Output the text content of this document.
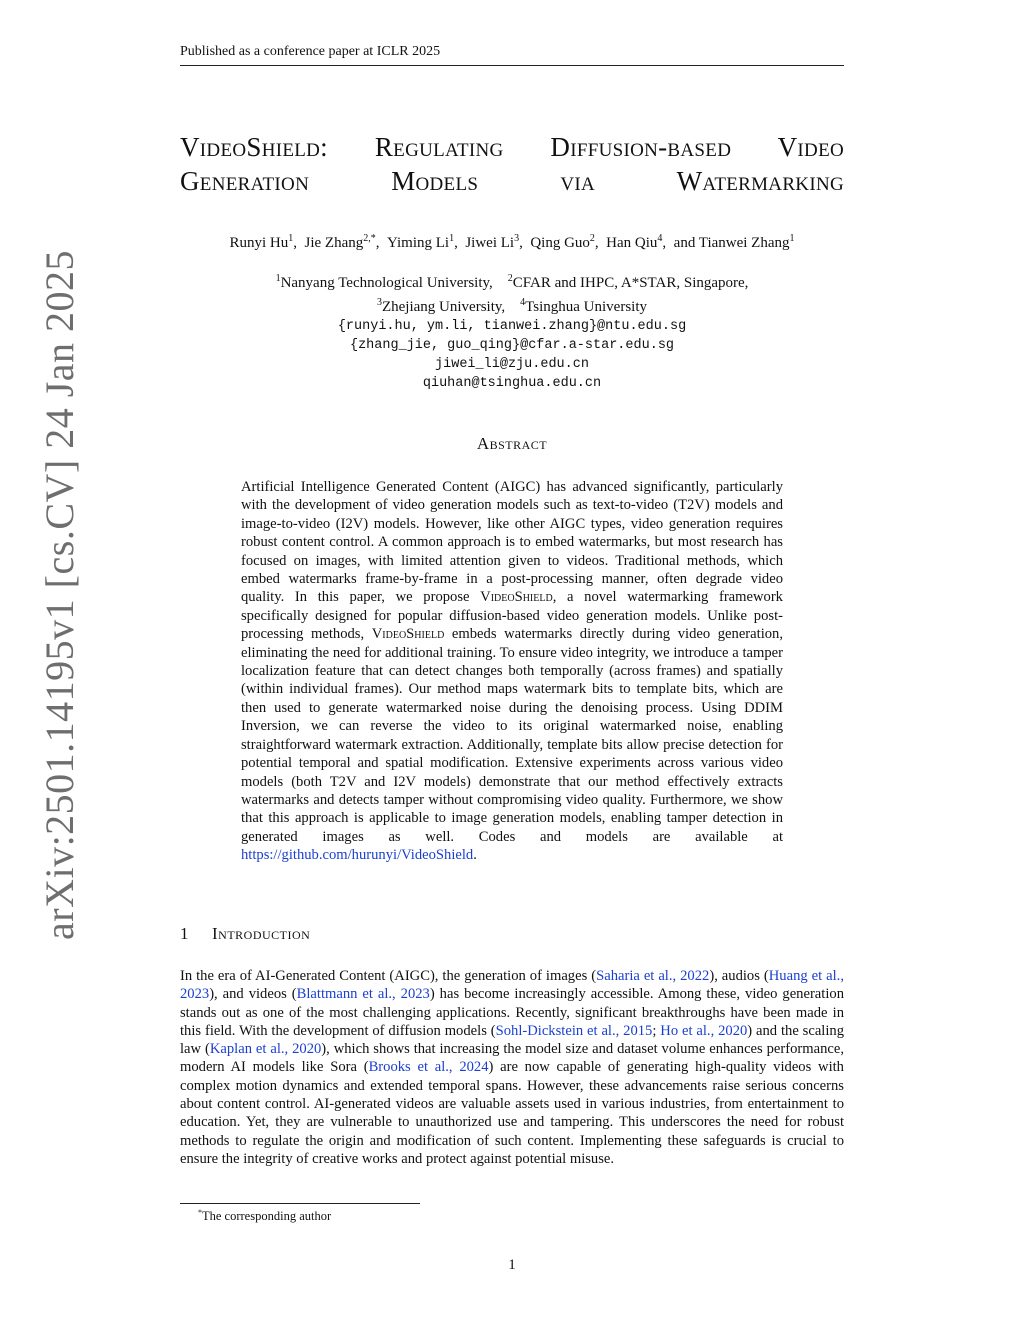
Published as a conference paper at ICLR 2025
arXiv:2501.14195v1 [cs.CV] 24 Jan 2025
VideoShield: Regulating Diffusion-based Video Generation Models via Watermarking
Runyi Hu$^1$,  Jie Zhang$^{2,*}$,  Yiming Li$^1$,  Jiwei Li$^3$,  Qing Guo$^2$,  Han Qiu$^4$,  and Tianwei Zhang$^1$
$^1$Nanyang Technological University, $^2$CFAR and IHPC, A*STAR, Singapore,
$^3$Zhejiang University, $^4$Tsinghua University
{runyi.hu, ym.li, tianwei.zhang}@ntu.edu.sg
{zhang_jie, guo_qing}@cfar.a-star.edu.sg
jiwei_li@zju.edu.cn
qiuhan@tsinghua.edu.cn
Abstract
Artificial Intelligence Generated Content (AIGC) has advanced significantly, particularly with the development of video generation models such as text-to-video (T2V) models and image-to-video (I2V) models. However, like other AIGC types, video generation requires robust content control. A common approach is to embed watermarks, but most research has focused on images, with limited attention given to videos. Traditional methods, which embed watermarks frame-by-frame in a post-processing manner, often degrade video quality. In this paper, we propose VideoShield, a novel watermarking framework specifically designed for popular diffusion-based video generation models. Unlike post-processing methods, VideoShield embeds watermarks directly during video generation, eliminating the need for additional training. To ensure video integrity, we introduce a tamper localization feature that can detect changes both temporally (across frames) and spatially (within individual frames). Our method maps watermark bits to template bits, which are then used to generate watermarked noise during the denoising process. Using DDIM Inversion, we can reverse the video to its original watermarked noise, enabling straightforward watermark extraction. Additionally, template bits allow precise detection for potential temporal and spatial modification. Extensive experiments across various video models (both T2V and I2V models) demonstrate that our method effectively extracts watermarks and detects tamper without compromising video quality. Furthermore, we show that this approach is applicable to image generation models, enabling tamper detection in generated images as well. Codes and models are available at https://github.com/hurunyi/VideoShield.
1 Introduction
In the era of AI-Generated Content (AIGC), the generation of images (Saharia et al., 2022), audios (Huang et al., 2023), and videos (Blattmann et al., 2023) has become increasingly accessible. Among these, video generation stands out as one of the most challenging applications. Recently, significant breakthroughs have been made in this field. With the development of diffusion models (Sohl-Dickstein et al., 2015; Ho et al., 2020) and the scaling law (Kaplan et al., 2020), which shows that increasing the model size and dataset volume enhances performance, modern AI models like Sora (Brooks et al., 2024) are now capable of generating high-quality videos with complex motion dynamics and extended temporal spans. However, these advancements raise serious concerns about content control. AI-generated videos are valuable assets used in various industries, from entertainment to education. Yet, they are vulnerable to unauthorized use and tampering. This underscores the need for robust methods to regulate the origin and modification of such content. Implementing these safeguards is crucial to ensure the integrity of creative works and protect against potential misuse.
*The corresponding author
1
